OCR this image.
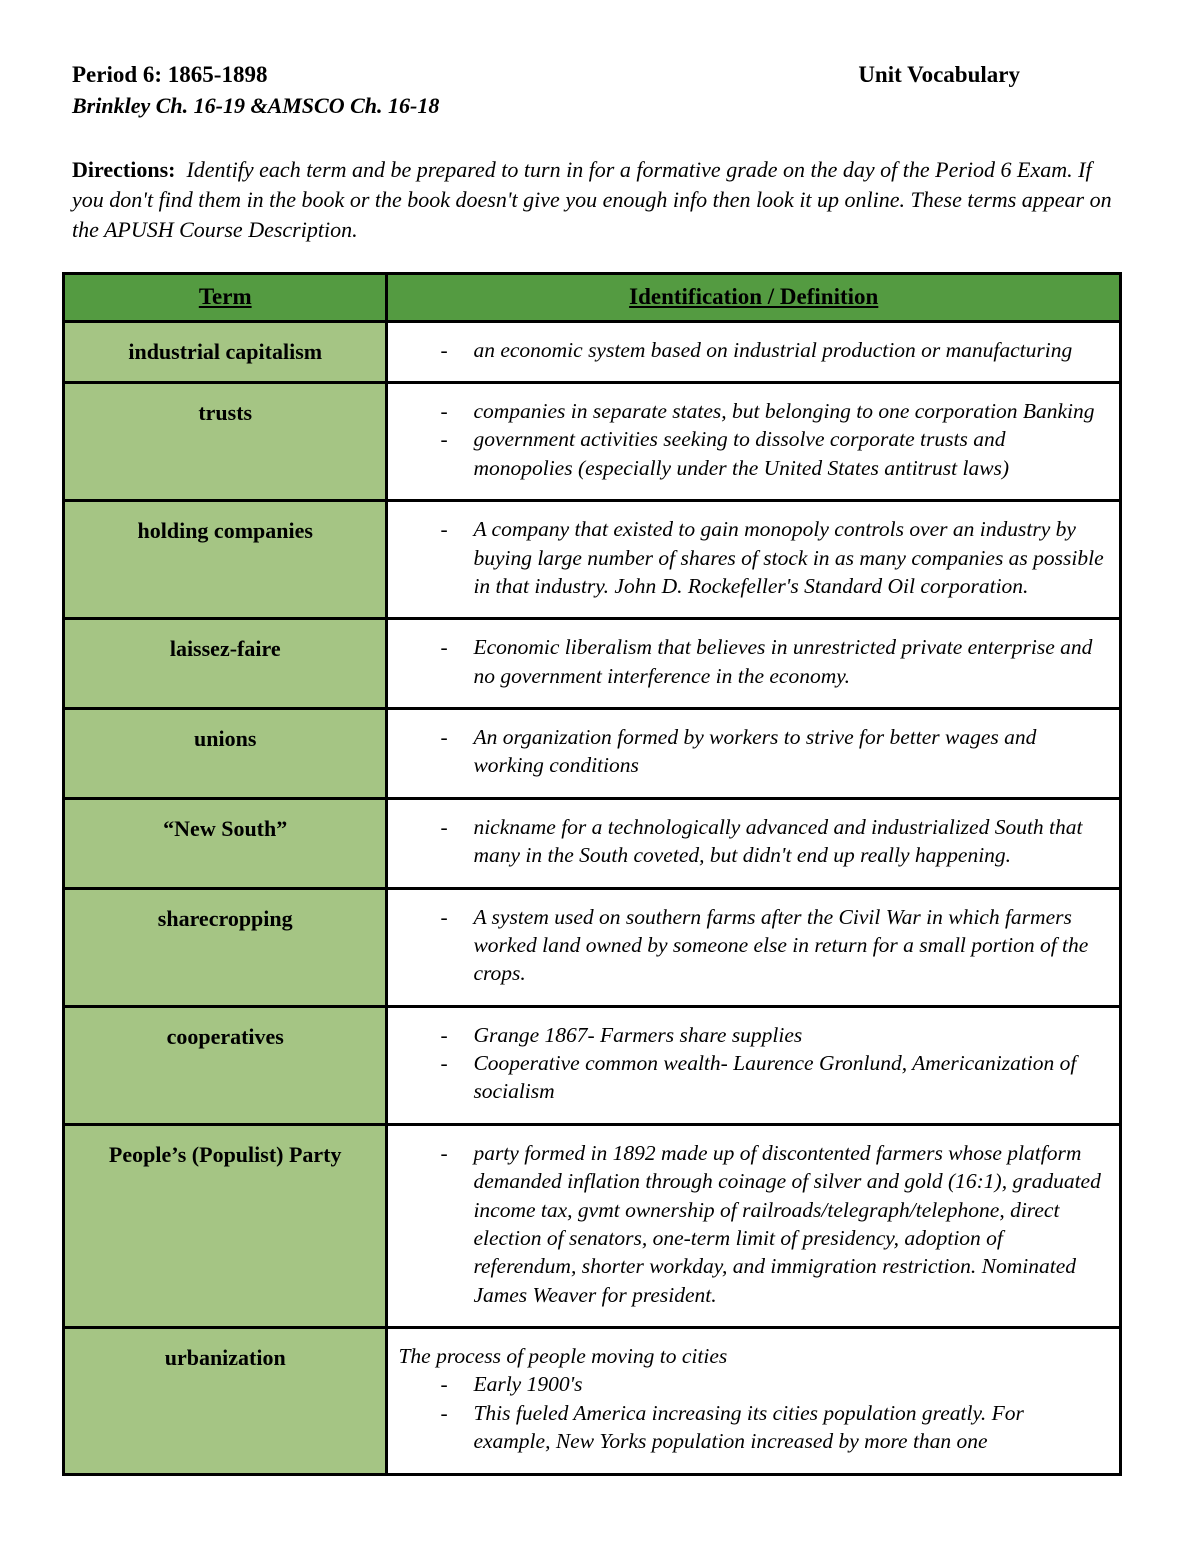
Period 6: 1865-1898	Unit Vocabulary
Brinkley Ch. 16-19 &AMSCO Ch. 16-18

Directions: Identify each term and be prepared to turn in for a formative grade on the day of the Period 6 Exam. If you don't find them in the book or the book doesn't give you enough info then look it up online. These terms appear on the APUSH Course Description.

Term	Identification / Definition
industrial capitalism	- an economic system based on industrial production or manufacturing

trusts	- companies in separate states, but belonging to one corporation Banking
- government activities seeking to dissolve corporate trusts and monopolies (especially under the United States antitrust laws)

holding companies	- A company that existed to gain monopoly controls over an industry by buying large number of shares of stock in as many companies as possible in that industry. John D. Rockefeller's Standard Oil corporation.

laissez-faire	- Economic liberalism that believes in unrestricted private enterprise and no government interference in the economy.

unions	- An organization formed by workers to strive for better wages and working conditions

“New South”	- nickname for a technologically advanced and industrialized South that many in the South coveted, but didn't end up really happening.

sharecropping	- A system used on southern farms after the Civil War in which farmers worked land owned by someone else in return for a small portion of the crops.

cooperatives	- Grange 1867- Farmers share supplies
- Cooperative common wealth- Laurence Gronlund, Americanization of socialism

People’s (Populist) Party	- party formed in 1892 made up of discontented farmers whose platform demanded inflation through coinage of silver and gold (16:1), graduated income tax, gvmt ownership of railroads/telegraph/telephone, direct election of senators, one-term limit of presidency, adoption of referendum, shorter workday, and immigration restriction. Nominated James Weaver for president.

urbanization	The process of people moving to cities
- Early 1900's
- This fueled America increasing its cities population greatly. For example, New Yorks population increased by more than one
